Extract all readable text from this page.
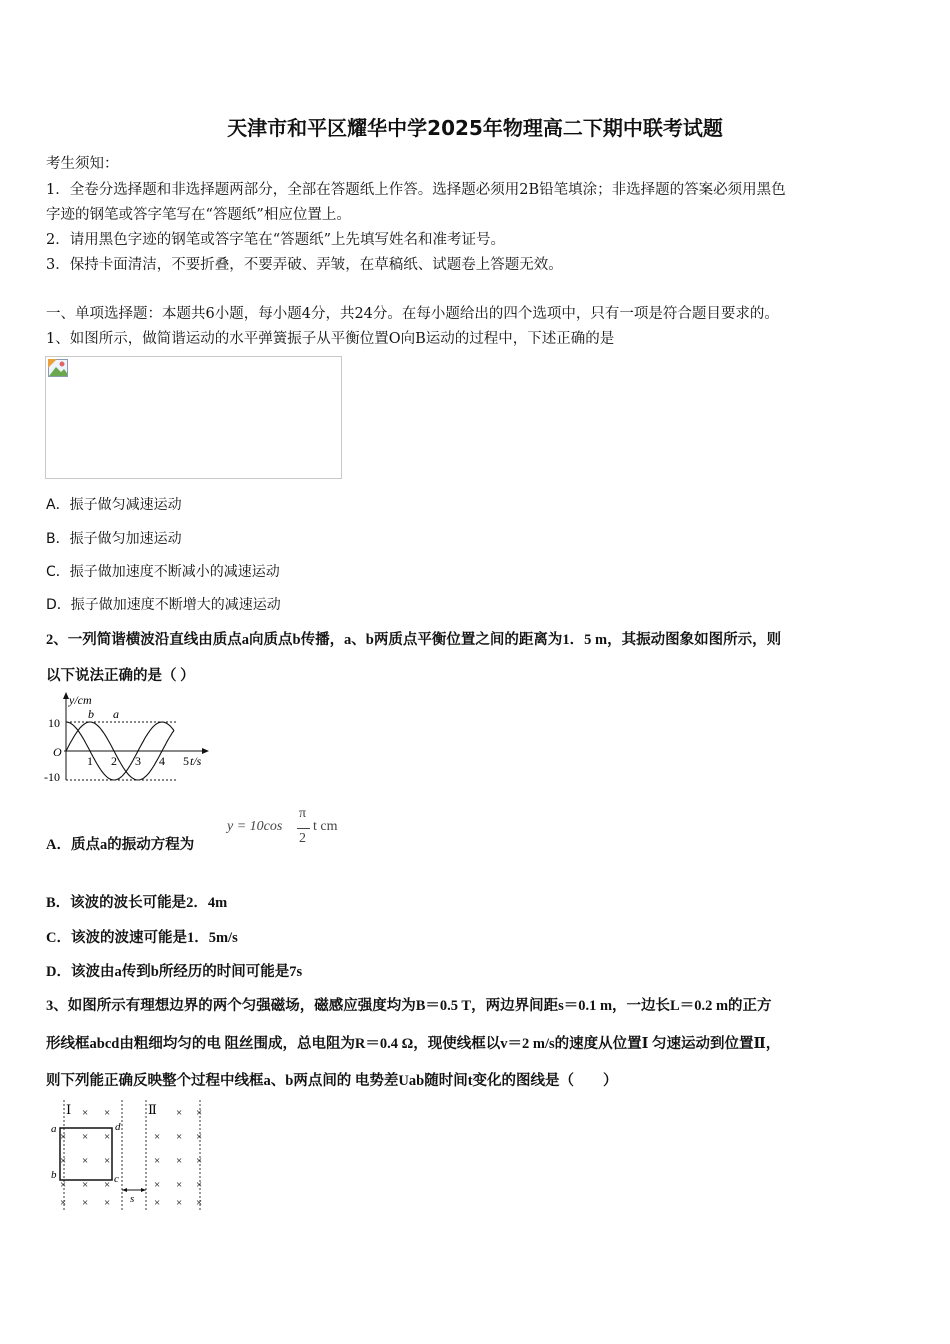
天津市和平区耀华中学2025年物理高二下期中联考试题
考生须知：
1．全卷分选择题和非选择题两部分，全部在答题纸上作答。选择题必须用2B铅笔填涂；非选择题的答案必须用黑色
字迹的钢笔或答字笔写在“答题纸”相应位置上。
2．请用黑色字迹的钢笔或答字笔在“答题纸”上先填写姓名和准考证号。
3．保持卡面清洁，不要折叠，不要弄破、弄皱，在草稿纸、试题卷上答题无效。
一、单项选择题：本题共6小题，每小题4分，共24分。在每小题给出的四个选项中，只有一项是符合题目要求的。
1、如图所示，做简谐运动的水平弹簧振子从平衡位置O向B运动的过程中，下述正确的是
A．振子做匀减速运动
B．振子做匀加速运动
C．振子做加速度不断减小的减速运动
D．振子做加速度不断增大的减速运动
2、一列简谐横波沿直线由质点a向质点b传播，a、b两质点平衡位置之间的距离为1．5 m，其振动图象如图所示，则
以下说法正确的是（ ）
y/cm
t/s
O
10
-10
1 2 3 4 5
b a
A．质点a的振动方程为
y = 10cos
π
2
t cm
B．该波的波长可能是2．4m
C．该波的波速可能是1．5m/s
D．该波由a传到b所经历的时间可能是7s
3、如图所示有理想边界的两个匀强磁场，磁感应强度均为B＝0.5 T，两边界间距s＝0.1 m，一边长L＝0.2 m的正方
形线框abcd由粗细均匀的电 阻丝围成，总电阻为R＝0.4 Ω，现使线框以v＝2 m/s的速度从位置Ⅰ 匀速运动到位置Ⅱ，
则下列能正确反映整个过程中线框a、b两点间的 电势差Uab随时间t变化的图线是（　　）
× ×	× ×
× × ×	× × ×
× × ×	× × ×
× × ×	× × ×
× × ×	× × ×
Ⅰ	Ⅱ
a	d
b	c
s
